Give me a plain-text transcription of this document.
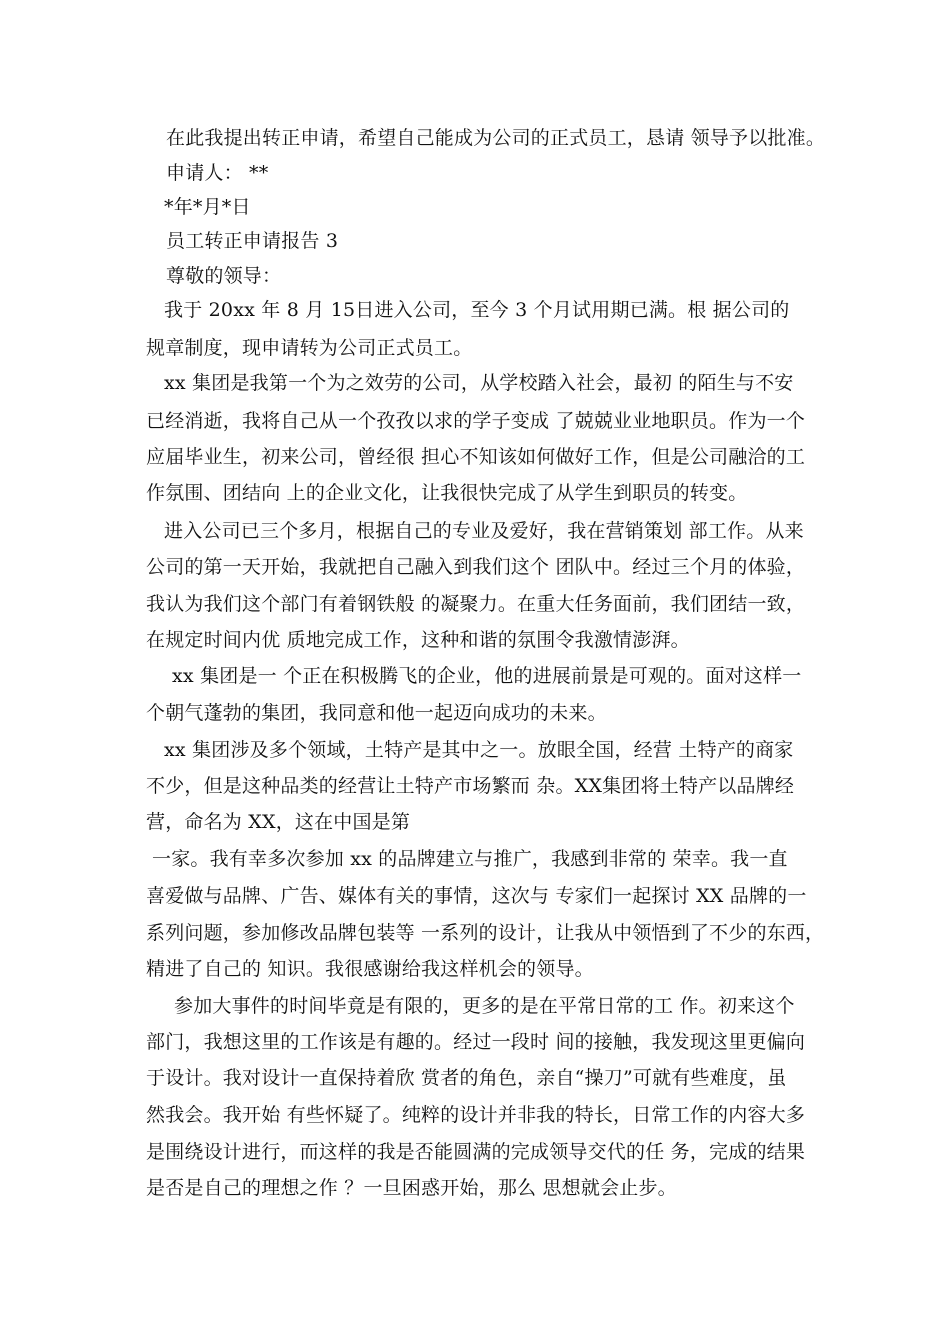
在此我提出转正申请，希望自己能成为公司的正式员工，恳请 领导予以批准。
申请人： **
*年*月*日
员工转正申请报告 3
尊敬的领导：
我于 20xx 年 8 月 15日进入公司，至今 3 个月试用期已满。根 据公司的
规章制度，现申请转为公司正式员工。
xx 集团是我第一个为之效劳的公司，从学校踏入社会，最初 的陌生与不安
已经消逝，我将自己从一个孜孜以求的学子变成 了兢兢业业地职员。作为一个
应届毕业生，初来公司，曾经很 担心不知该如何做好工作，但是公司融洽的工
作氛围、团结向 上的企业文化，让我很快完成了从学生到职员的转变。
进入公司已三个多月，根据自己的专业及爱好，我在营销策划 部工作。从来
公司的第一天开始，我就把自己融入到我们这个 团队中。经过三个月的体验，
我认为我们这个部门有着钢铁般 的凝聚力。在重大任务面前，我们团结一致，
在规定时间内优 质地完成工作，这种和谐的氛围令我激情澎湃。
xx 集团是一 个正在积极腾飞的企业，他的进展前景是可观的。面对这样一
个朝气蓬勃的集团，我同意和他一起迈向成功的未来。
xx 集团涉及多个领域，土特产是其中之一。放眼全国，经营 土特产的商家
不少，但是这种品类的经营让土特产市场繁而 杂。XX集团将土特产以品牌经
营，命名为 XX，这在中国是第
一家。我有幸多次参加 xx 的品牌建立与推广，我感到非常的 荣幸。我一直
喜爱做与品牌、广告、媒体有关的事情，这次与 专家们一起探讨 XX 品牌的一
系列问题，参加修改品牌包装等 一系列的设计，让我从中领悟到了不少的东西，
精进了自己的 知识。我很感谢给我这样机会的领导。
参加大事件的时间毕竟是有限的，更多的是在平常日常的工 作。初来这个
部门，我想这里的工作该是有趣的。经过一段时 间的接触，我发现这里更偏向
于设计。我对设计一直保持着欣 赏者的角色，亲自“操刀”可就有些难度，虽
然我会。我开始 有些怀疑了。纯粹的设计并非我的特长，日常工作的内容大多
是围绕设计进行，而这样的我是否能圆满的完成领导交代的任 务，完成的结果
是否是自己的理想之作 ？一旦困惑开始，那么 思想就会止步。
